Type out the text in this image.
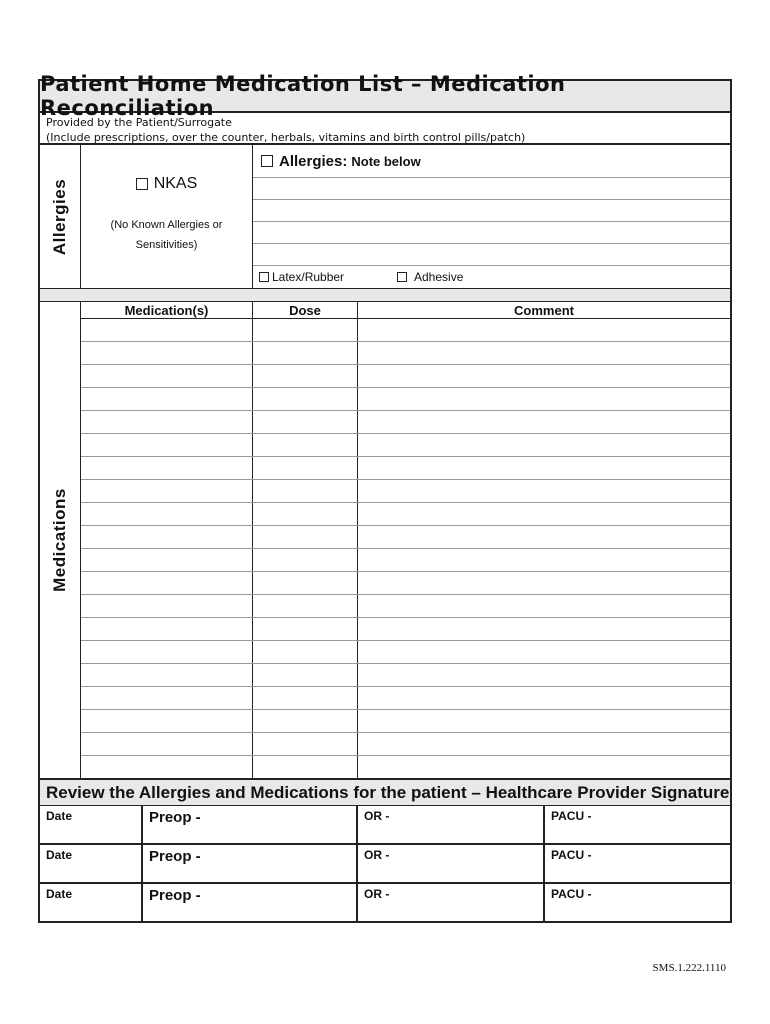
Patient Home Medication List – Medication Reconciliation
Provided by the Patient/Surrogate
(Include prescriptions, over the counter, herbals, vitamins and birth control pills/patch)
Allergies	NKAS
(No Known Allergies or
Sensitivities)
Allergies: Note below
Latex/Rubber	Adhesive
Medications
Medication(s)	Dose	Comment

Review the Allergies and Medications for the patient – Healthcare Provider Signature
Date	Preop -	OR -	PACU -
Date	Preop -	OR -	PACU -
Date	Preop -	OR -	PACU -
SMS.1.222.1110
